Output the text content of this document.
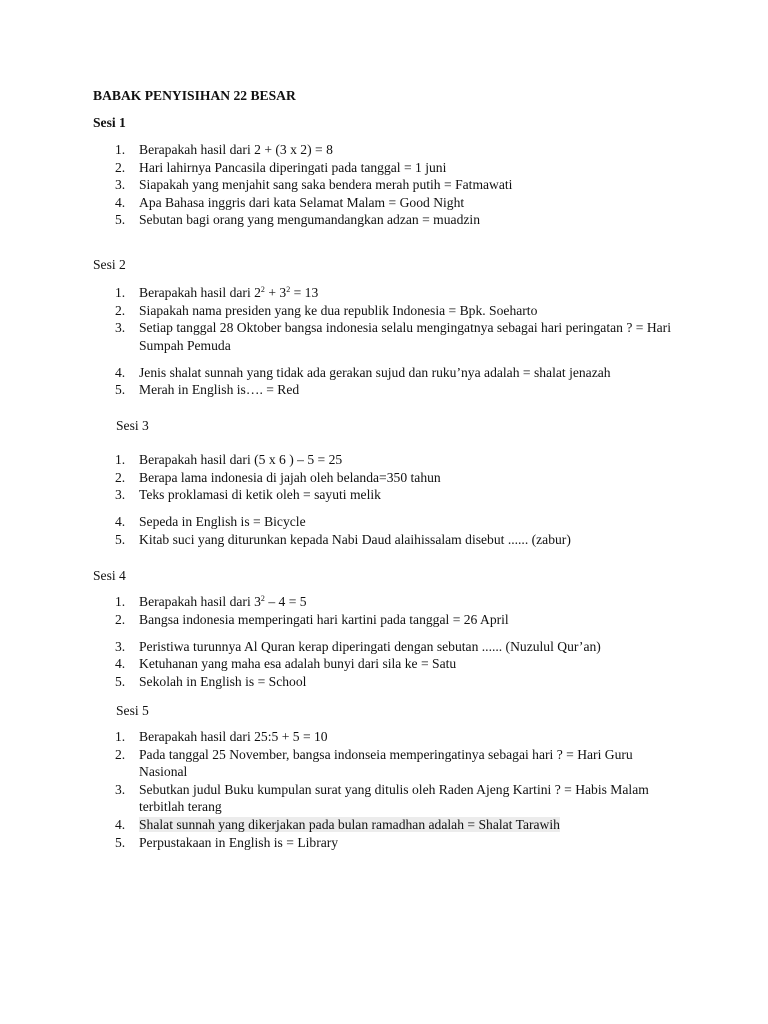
BABAK PENYISIHAN 22 BESAR
Sesi 1
1. Berapakah hasil dari 2 + (3 x 2) = 8
2. Hari lahirnya Pancasila diperingati pada tanggal = 1 juni
3. Siapakah yang menjahit sang saka bendera merah putih = Fatmawati
4. Apa Bahasa inggris dari kata Selamat Malam = Good Night
5. Sebutan bagi orang yang mengumandangkan adzan = muadzin
Sesi 2
1. Berapakah hasil dari $2^2 + 3^2 = 13$
2. Siapakah nama presiden yang ke dua republik Indonesia = Bpk. Soeharto
3. Setiap tanggal 28 Oktober bangsa indonesia selalu mengingatnya sebagai hari peringatan ? = Hari Sumpah Pemuda
4. Jenis shalat sunnah yang tidak ada gerakan sujud dan ruku’nya adalah = shalat jenazah
5. Merah in English is…. = Red
Sesi 3
1. Berapakah hasil dari (5 x 6 ) – 5 = 25
2. Berapa lama indonesia di jajah oleh belanda=350 tahun
3. Teks proklamasi di ketik oleh = sayuti melik
4. Sepeda in English is = Bicycle
5. Kitab suci yang diturunkan kepada Nabi Daud alaihissalam disebut ...... (zabur)
Sesi 4
1. Berapakah hasil dari $3^2 - 4 = 5$
2. Bangsa indonesia memperingati hari kartini pada tanggal = 26 April
3. Peristiwa turunnya Al Quran kerap diperingati dengan sebutan ...... (Nuzulul Qur’an)
4. Ketuhanan yang maha esa adalah bunyi dari sila ke = Satu
5. Sekolah in English is = School
Sesi 5
1. Berapakah hasil dari 25:5 + 5 = 10
2. Pada tanggal 25 November, bangsa indonseia memperingatinya sebagai hari ? = Hari Guru Nasional
3. Sebutkan judul Buku kumpulan surat yang ditulis oleh Raden Ajeng Kartini ? = Habis Malam terbitlah terang
4. Shalat sunnah yang dikerjakan pada bulan ramadhan adalah = Shalat Tarawih
5. Perpustakaan in English is = Library
